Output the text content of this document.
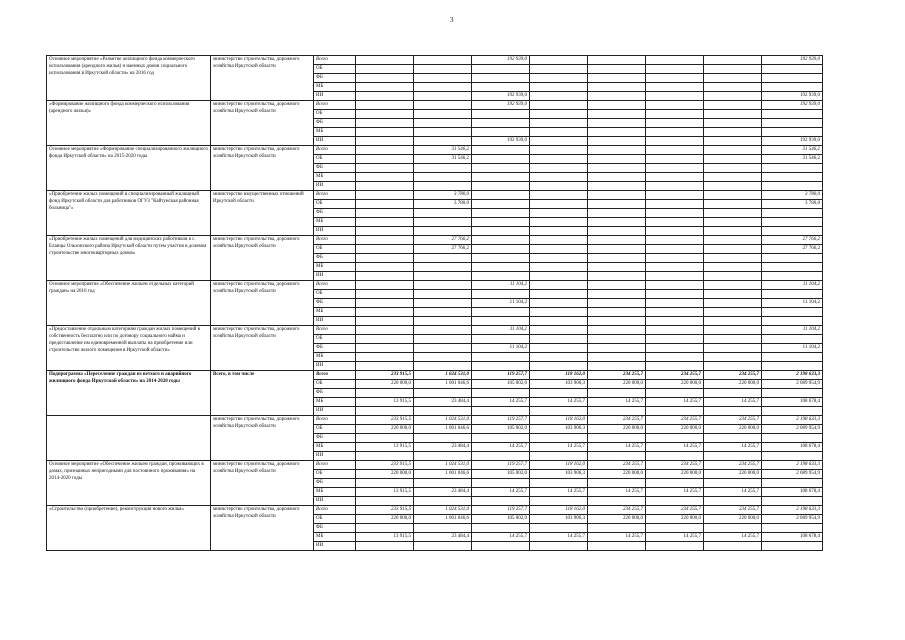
3
Основное мероприятие «Развитие жилищного фонда коммерческого использования (арендного жилья) и наемных домов социального использования в Иркутской области» на 2016 год	министерство строительства, дорожного хозяйства Иркутской области	Всего			192 939,0					192 939,0
		ОБ								
		ФБ								
		МБ								
		ИИ			192 939,0					192 939,0
«Формирование жилищного фонда коммерческого использования (арендного жилья)»	министерство строительства, дорожного хозяйства Иркутской области	Всего			192 939,0					192 939,0
		ОБ								
		ФБ								
		МБ								
		ИИ			192 939,0					192 939,0
Основное мероприятие «Формирование специализированного жилищного фонда Иркутской области» на 2015-2020 годы	министерство строительства, дорожного хозяйства Иркутской области	Всего		31 546,2						31 546,2
		ОБ		31 546,2						31 546,2
		ФБ								
		МБ								
		ИИ								
«Приобретение жилых помещений в специализированный жилищный фонд Иркутской области для работников ОГУЗ "Кайтунская районная больница"»	министерство имущественных отношений Иркутской области	Всего		3 780,0						3 780,0
		ОБ		3 780,0						3 780,0
		ФБ								
		МБ								
		ИИ								
«Приобретение жилых помещений для медицинских работников в с. Еланцы Ольхонского района Иркутской области путем участия в долевом строительстве многоквартирных домов»	министерство строительства, дорожного хозяйства Иркутской области	Всего		27 766,2						27 766,2
		ОБ		27 766,2						27 766,2
		ФБ								
		МБ								
		ИИ								
Основное мероприятие «Обеспечение жильем отдельных категорий граждан» на 2016 год	министерство строительства, дорожного хозяйства Иркутской области	Всего			11 104,2					11 104,2
		ОБ								
		ФБ			11 104,2					11 104,2
		МБ								
		ИИ								
«Предоставление отдельным категориям граждан жилых помещений в собственность бесплатно или по договору социального найма и предоставление им единовременной выплаты на приобретение или строительство жилого помещения в Иркутской области»	министерство строительства, дорожного хозяйства Иркутской области	Всего			11 104,2					11 104,2
		ОБ								
		ФБ			11 104,2					11 104,2
		МБ								
		ИИ								
Подпрограмма «Переселение граждан из ветхого и аварийного жилищного фонда Иркутской области» на 2014-2020 годы	Всего, в том числе	Всего	233 915,5	1 024 531,0	119 257,7	118 162,0	234 255,7	234 255,7	234 255,7	2 198 633,3
		ОБ	220 000,0	1 001 046,6	105 002,0	103 906,3	220 000,0	220 000,0	220 000,0	2 089 954,9
		ФБ								
		МБ	13 915,5	23 484,4	14 255,7	14 255,7	14 255,7	14 255,7	14 255,7	108 678,4
		ИИ								
	министерство строительства, дорожного хозяйства Иркутской области	Всего	233 915,5	1 024 531,0	119 257,7	118 162,0	234 255,7	234 255,7	234 255,7	2 198 633,3
		ОБ	220 000,0	1 001 046,6	105 002,0	103 906,3	220 000,0	220 000,0	220 000,0	2 089 954,9
		ФБ								
		МБ	13 915,5	23 484,4	14 255,7	14 255,7	14 255,7	14 255,7	14 255,7	108 678,4
		ИИ								
Основное мероприятие «Обеспечение жильем граждан, проживающих в домах, признанных непригодными для постоянного проживания» на 2014-2020 годы	министерство строительства, дорожного хозяйства Иркутской области	Всего	233 915,5	1 024 531,0	119 257,7	118 162,0	234 255,7	234 255,7	234 255,7	2 198 633,3
		ОБ	220 000,0	1 001 046,6	105 002,0	103 906,3	220 000,0	220 000,0	220 000,0	2 089 954,9
		ФБ								
		МБ	13 915,5	23 484,4	14 255,7	14 255,7	14 255,7	14 255,7	14 255,7	108 678,4
		ИИ								
«Строительство (приобретение), реконструкция нового жилья»	министерство строительства, дорожного хозяйства Иркутской области	Всего	233 915,5	1 024 531,0	119 257,7	118 162,0	234 255,7	234 255,7	234 255,7	2 198 633,3
		ОБ	220 000,0	1 001 046,6	105 002,0	103 906,3	220 000,0	220 000,0	220 000,0	2 089 954,9
		ФБ								
		МБ	13 915,5	23 484,4	14 255,7	14 255,7	14 255,7	14 255,7	14 255,7	108 678,4
		ИИ								
